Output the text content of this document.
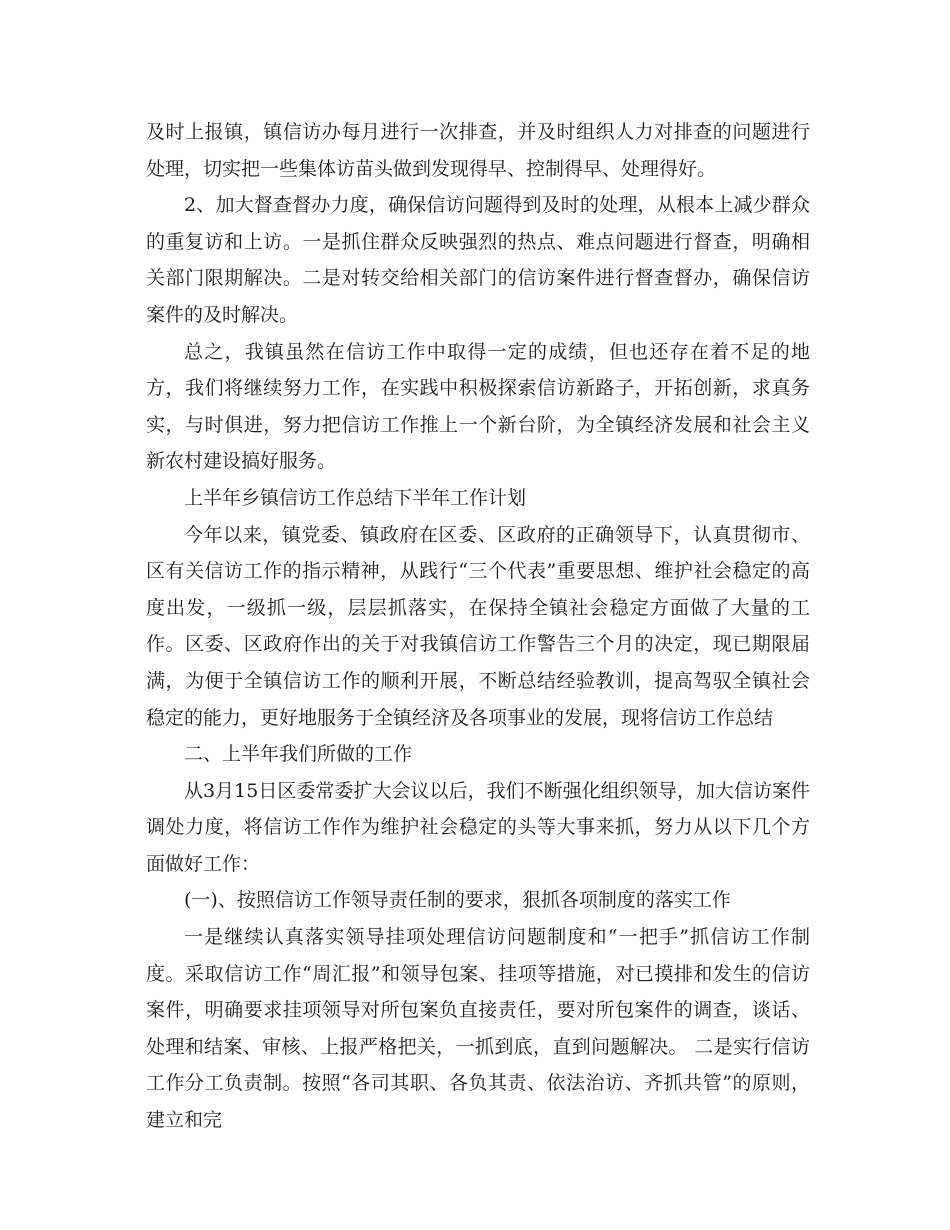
及时上报镇，镇信访办每月进行一次排查，并及时组织人力对排查的问题进行处理，切实把一些集体访苗头做到发现得早、控制得早、处理得好。

2、加大督查督办力度，确保信访问题得到及时的处理，从根本上减少群众的重复访和上访。一是抓住群众反映强烈的热点、难点问题进行督查，明确相关部门限期解决。二是对转交给相关部门的信访案件进行督查督办，确保信访案件的及时解决。

总之，我镇虽然在信访工作中取得一定的成绩，但也还存在着不足的地方，我们将继续努力工作，在实践中积极探索信访新路子，开拓创新，求真务实，与时俱进，努力把信访工作推上一个新台阶，为全镇经济发展和社会主义新农村建设搞好服务。

上半年乡镇信访工作总结下半年工作计划

今年以来，镇党委、镇政府在区委、区政府的正确领导下，认真贯彻市、区有关信访工作的指示精神，从践行“三个代表”重要思想、维护社会稳定的高度出发，一级抓一级，层层抓落实，在保持全镇社会稳定方面做了大量的工作。区委、区政府作出的关于对我镇信访工作警告三个月的决定，现已期限届满，为便于全镇信访工作的顺利开展，不断总结经验教训，提高驾驭全镇社会稳定的能力，更好地服务于全镇经济及各项事业的发展，现将信访工作总结

二、上半年我们所做的工作

从3月15日区委常委扩大会议以后，我们不断强化组织领导，加大信访案件调处力度，将信访工作作为维护社会稳定的头等大事来抓，努力从以下几个方面做好工作：

(一)、按照信访工作领导责任制的要求，狠抓各项制度的落实工作

一是继续认真落实领导挂项处理信访问题制度和“一把手”抓信访工作制度。采取信访工作“周汇报”和领导包案、挂项等措施，对已摸排和发生的信访案件，明确要求挂项领导对所包案负直接责任，要对所包案件的调查，谈话、处理和结案、审核、上报严格把关，一抓到底，直到问题解决。 二是实行信访工作分工负责制。按照“各司其职、各负其责、依法治访、齐抓共管”的原则，建立和完
